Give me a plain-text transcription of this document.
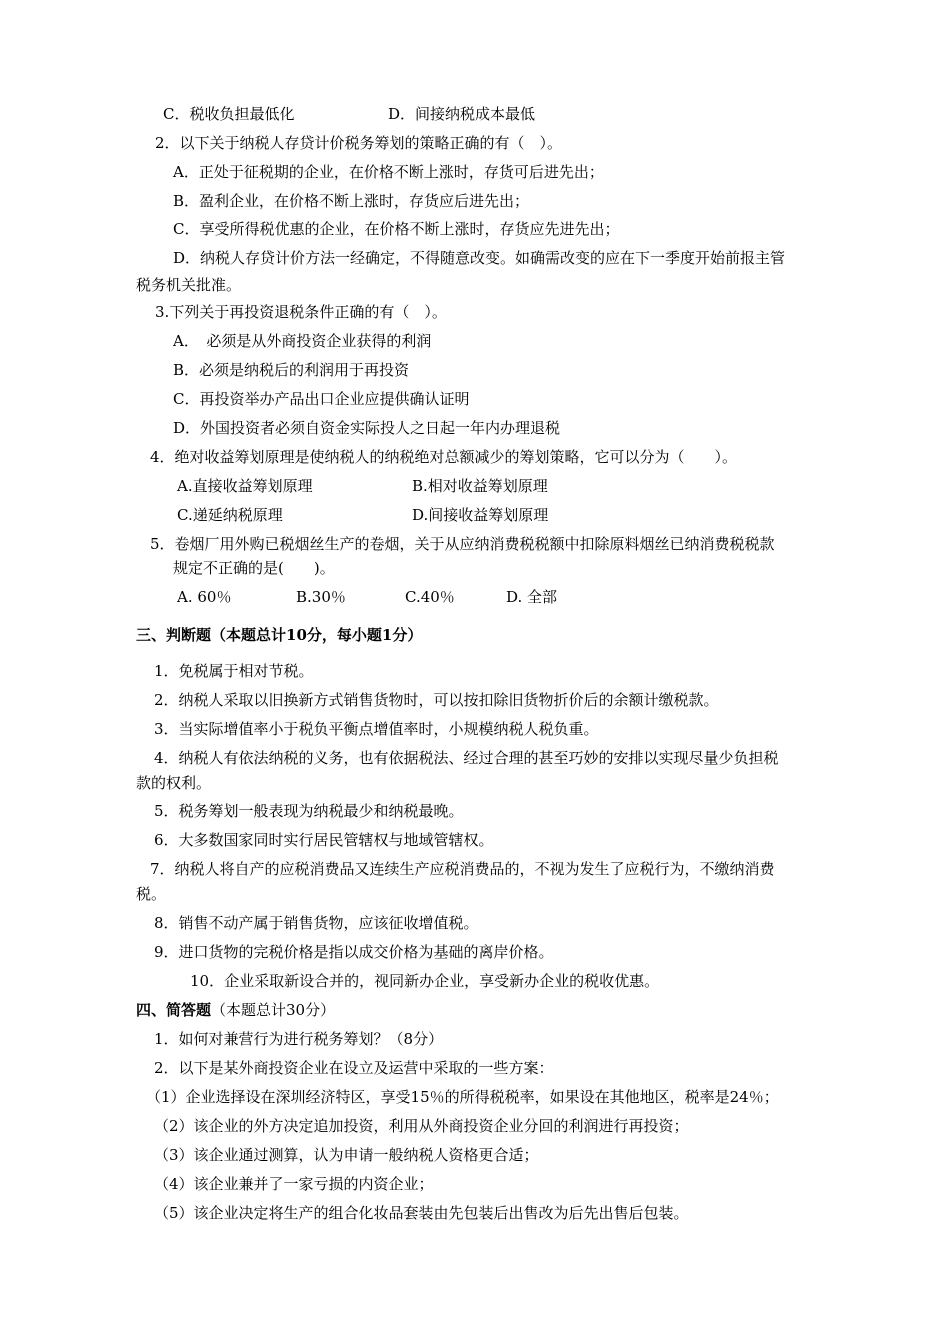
C．税收负担最低化	D．间接纳税成本最低
2．以下关于纳税人存贷计价税务筹划的策略正确的有（　）。
A．正处于征税期的企业，在价格不断上涨时，存货可后进先出；
B．盈利企业，在价格不断上涨时，存货应后进先出；
C．享受所得税优惠的企业，在价格不断上涨时，存货应先进先出；
D．纳税人存贷计价方法一经确定，不得随意改变。如确需改变的应在下一季度开始前报主管
税务机关批准。
3.下列关于再投资退税条件正确的有（　）。
A．　必须是从外商投资企业获得的利润
B．必须是纳税后的利润用于再投资
C．再投资举办产品出口企业应提供确认证明
D．外国投资者必须自资金实际投人之日起一年内办理退税
4．绝对收益筹划原理是使纳税人的纳税绝对总额减少的筹划策略，它可以分为（　　）。
A.直接收益筹划原理	B.相对收益筹划原理
C.递延纳税原理	D.间接收益筹划原理
5．卷烟厂用外购已税烟丝生产的卷烟，关于从应纳消费税税额中扣除原料烟丝已纳消费税税款
规定不正确的是(　　)。
A. 60％	B.30％	C.40％	D. 全部
三、判断题（本题总计10分，每小题1分）
1．免税属于相对节税。
2．纳税人采取以旧换新方式销售货物时，可以按扣除旧货物折价后的余额计缴税款。
3．当实际增值率小于税负平衡点增值率时，小规模纳税人税负重。
4．纳税人有依法纳税的义务，也有依据税法、经过合理的甚至巧妙的安排以实现尽量少负担税
款的权利。
5．税务筹划一般表现为纳税最少和纳税最晚。
6．大多数国家同时实行居民管辖权与地域管辖权。
7．纳税人将自产的应税消费品又连续生产应税消费品的，不视为发生了应税行为，不缴纳消费
税。
8．销售不动产属于销售货物，应该征收增值税。
9．进口货物的完税价格是指以成交价格为基础的离岸价格。
10．企业采取新设合并的，视同新办企业，享受新办企业的税收优惠。
四、简答题（本题总计30分）
1．如何对兼营行为进行税务筹划？（8分）
2．以下是某外商投资企业在设立及运营中采取的一些方案：
（1）企业选择设在深圳经济特区，享受15％的所得税税率，如果设在其他地区，税率是24％；
（2）该企业的外方决定追加投资，利用从外商投资企业分回的利润进行再投资；
（3）该企业通过测算，认为申请一般纳税人资格更合适；
（4）该企业兼并了一家亏损的内资企业；
（5）该企业决定将生产的组合化妆品套装由先包装后出售改为后先出售后包装。
